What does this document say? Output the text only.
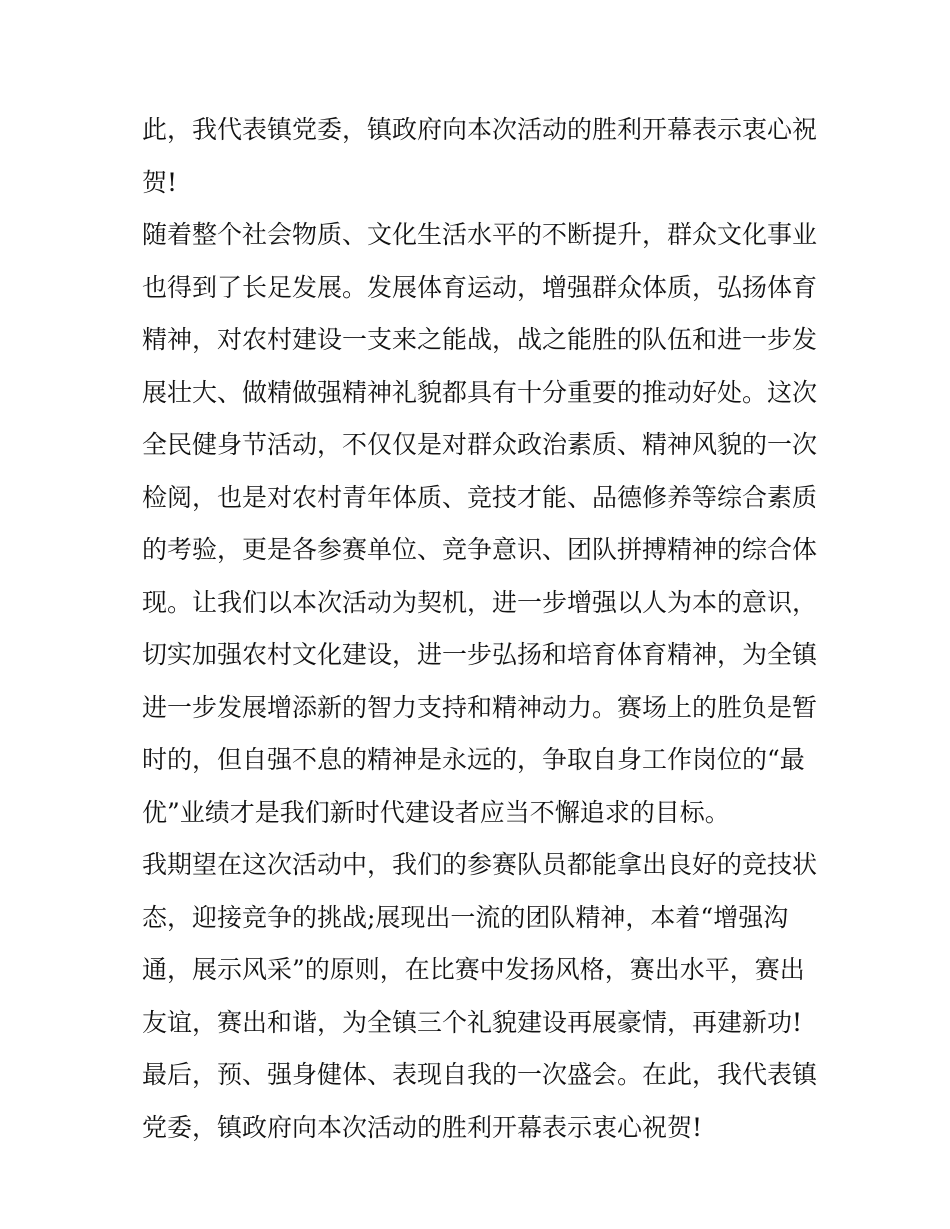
此，我代表镇党委，镇政府向本次活动的胜利开幕表示衷心祝
贺!
随着整个社会物质、文化生活水平的不断提升，群众文化事业
也得到了长足发展。发展体育运动，增强群众体质，弘扬体育
精神，对农村建设一支来之能战，战之能胜的队伍和进一步发
展壮大、做精做强精神礼貌都具有十分重要的推动好处。这次
全民健身节活动，不仅仅是对群众政治素质、精神风貌的一次
检阅，也是对农村青年体质、竞技才能、品德修养等综合素质
的考验，更是各参赛单位、竞争意识、团队拼搏精神的综合体
现。让我们以本次活动为契机，进一步增强以人为本的意识，
切实加强农村文化建设，进一步弘扬和培育体育精神，为全镇
进一步发展增添新的智力支持和精神动力。赛场上的胜负是暂
时的，但自强不息的精神是永远的，争取自身工作岗位的“最
优”业绩才是我们新时代建设者应当不懈追求的目标。
我期望在这次活动中，我们的参赛队员都能拿出良好的竞技状
态，迎接竞争的挑战;展现出一流的团队精神，本着“增强沟
通，展示风采”的原则，在比赛中发扬风格，赛出水平，赛出
友谊，赛出和谐，为全镇三个礼貌建设再展豪情，再建新功!
最后，预、强身健体、表现自我的一次盛会。在此，我代表镇
党委，镇政府向本次活动的胜利开幕表示衷心祝贺!
